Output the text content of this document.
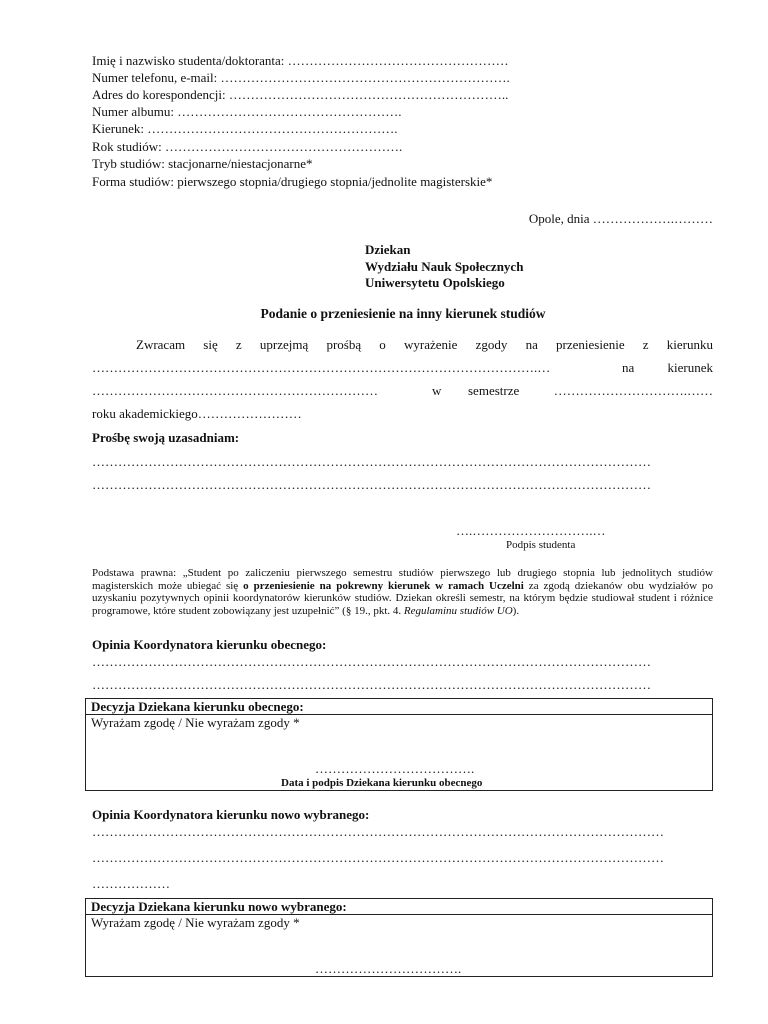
Imię i nazwisko studenta/doktoranta: ……………………………………………
Numer telefonu, e-mail: ………………………………………………………….
Adres do korespondencji: ………………………………………………………..
Numer albumu: …………………………………………….
Kierunek: ………………………………………………….
Rok studiów: ……………………………………………….
Tryb studiów: stacjonarne/niestacjonarne*
Forma studiów: pierwszego stopnia/drugiego stopnia/jednolite magisterskie*
Opole, dnia ……………….………
Dziekan
Wydziału Nauk Społecznych
Uniwersytetu Opolskiego
Podanie o przeniesienie na inny kierunek studiów
Zwracam się z uprzejmą prośbą o wyrażenie zgody na przeniesienie z kierunku
………………………………………………………………………………………….…	na	kierunek
…………………………………………………………	w semestrze	………………………….……
roku akademickiego……………………
Prośbę swoją uzasadniam:
…………………………………………………………………………………………………………………
…………………………………………………………………………………………………………………
….……………………….…
Podpis studenta
Podstawa prawna: „Student po zaliczeniu pierwszego semestru studiów pierwszego lub drugiego stopnia lub jednolitych studiów magisterskich może ubiegać się o przeniesienie na pokrewny kierunek w ramach Uczelni za zgodą dziekanów obu wydziałów po uzyskaniu pozytywnych opinii koordynatorów kierunków studiów. Dziekan określi semestr, na którym będzie studiował student i różnice programowe, które student zobowiązany jest uzupełnić” (§ 19., pkt. 4. Regulaminu studiów UO).
Opinia Koordynatora kierunku obecnego:
…………………………………………………………………………………………………………………
…………………………………………………………………………………………………………………
Decyzja Dziekana kierunku obecnego:
Wyrażam zgodę / Nie wyrażam zgody *
……………………………….
Data i podpis Dziekana kierunku obecnego
Opinia Koordynatora kierunku nowo wybranego:
……………………………………………………………………………………………………………………
……………………………………………………………………………………………………………………
………………
Decyzja Dziekana kierunku nowo wybranego:
Wyrażam zgodę / Nie wyrażam zgody *
…………………………….
